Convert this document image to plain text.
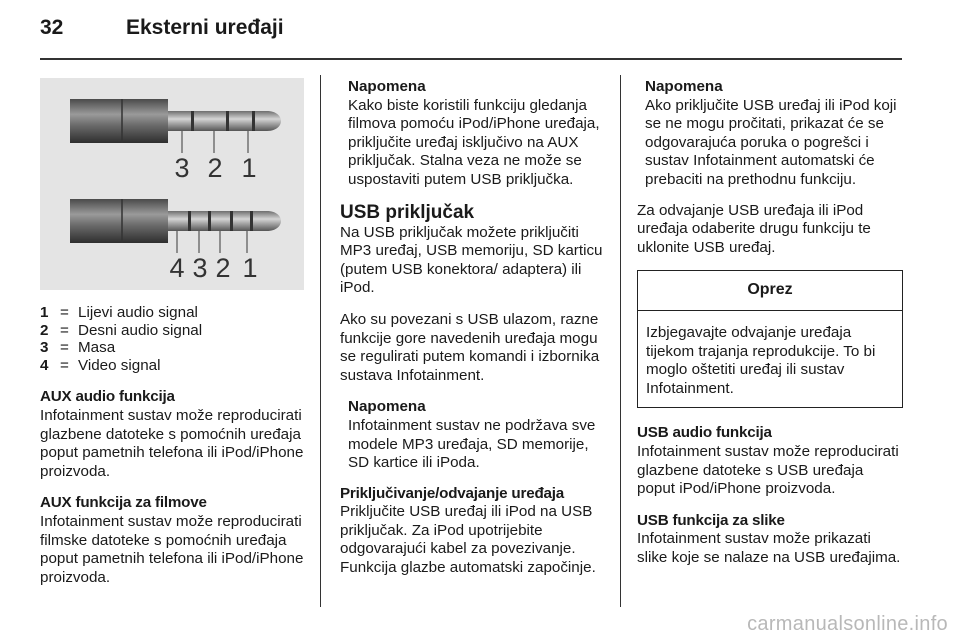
32	Eksterni uređaji
3 2 1
4 3 2 1
1 = Lijevi audio signal
2 = Desni audio signal
3 = Masa
4 = Video signal
AUX audio funkcija

Infotainment sustav može reproducirati glazbene datoteke s pomoćnih uređaja poput pametnih telefona ili iPod/iPhone proizvoda.

AUX funkcija za filmove

Infotainment sustav može reproducirati filmske datoteke s pomoćnih uređaja poput pametnih telefona ili iPod/iPhone proizvoda.

Napomena
Kako biste koristili funkciju gledanja filmova pomoću iPod/iPhone uređaja, priključite uređaj isključivo na AUX priključak. Stalna veza ne može se uspostaviti putem USB priključka.
USB priključak

Na USB priključak možete priključiti MP3 uređaj, USB memoriju, SD karticu (putem USB konektora/ adaptera) ili iPod.

Ako su povezani s USB ulazom, razne funkcije gore navedenih uređaja mogu se regulirati putem komandi i izbornika sustava Infotainment.

Napomena
Infotainment sustav ne podržava sve modele MP3 uređaja, SD memorije, SD kartice ili iPoda.
Priključivanje/odvajanje uređaja

Priključite USB uređaj ili iPod na USB priključak. Za iPod upotrijebite odgovarajući kabel za povezivanje. Funkcija glazbe automatski započinje.

Napomena
Ako priključite USB uređaj ili iPod koji se ne mogu pročitati, prikazat će se odgovarajuća poruka o pogrešci i sustav Infotainment automatski će prebaciti na prethodnu funkciju.

Za odvajanje USB uređaja ili iPod uređaja odaberite drugu funkciju te uklonite USB uređaj.

Oprez
Izbjegavajte odvajanje uređaja tijekom trajanja reprodukcije. To bi moglo oštetiti uređaj ili sustav Infotainment.
USB audio funkcija

Infotainment sustav može reproducirati glazbene datoteke s USB uređaja poput iPod/iPhone proizvoda.

USB funkcija za slike

Infotainment sustav može prikazati slike koje se nalaze na USB uređajima.

carmanualsonline.info
